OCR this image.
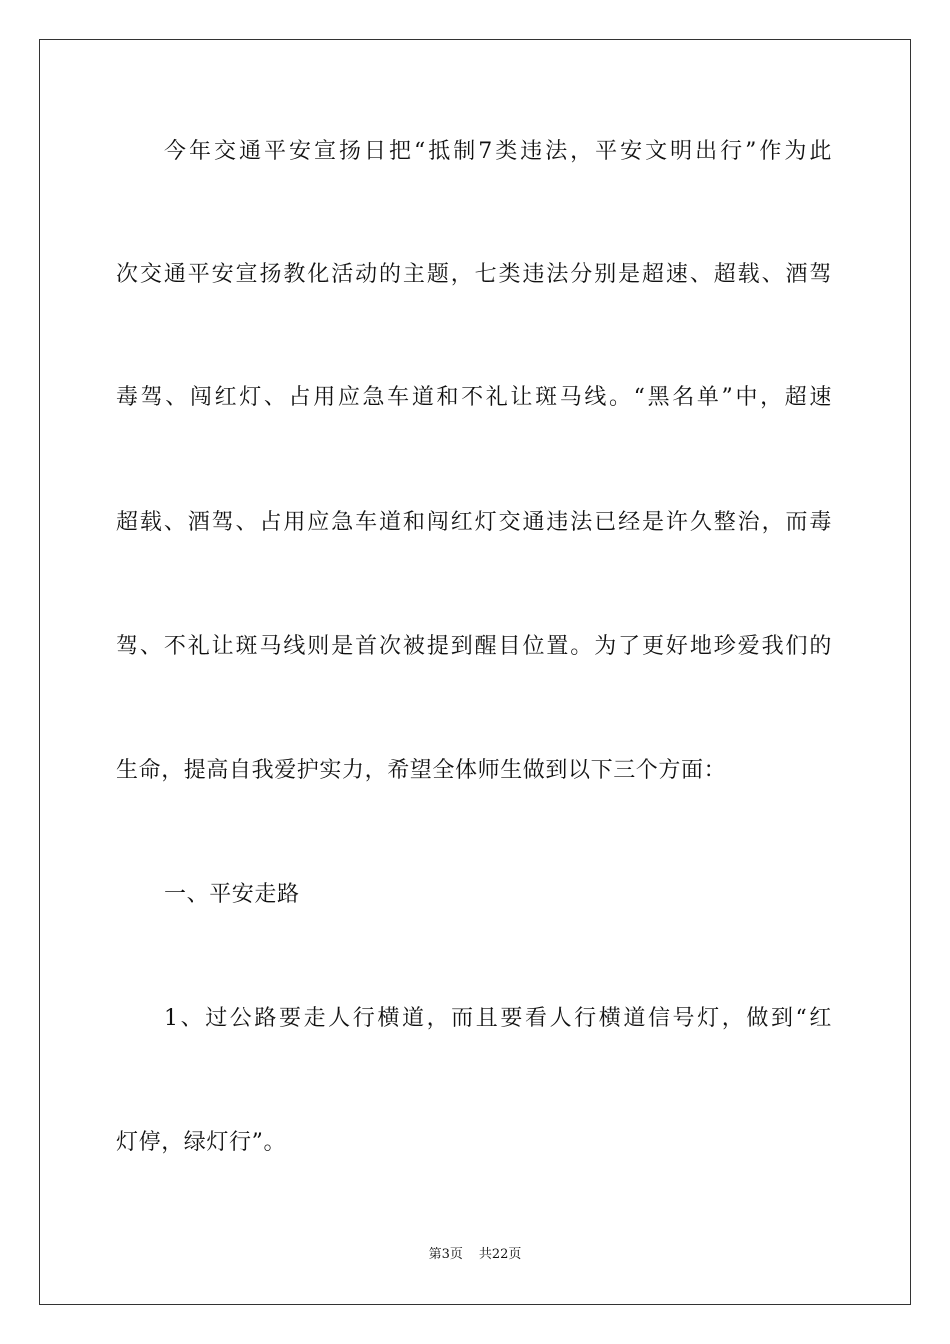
今年交通平安宣扬日把“抵制7类违法，平安文明出行”作为此
次交通平安宣扬教化活动的主题，七类违法分别是超速、超载、酒驾
毒驾、闯红灯、占用应急车道和不礼让斑马线。“黑名单”中，超速
超载、酒驾、占用应急车道和闯红灯交通违法已经是许久整治，而毒
驾、不礼让斑马线则是首次被提到醒目位置。为了更好地珍爱我们的
生命，提高自我爱护实力，希望全体师生做到以下三个方面：
一、平安走路
1、过公路要走人行横道，而且要看人行横道信号灯，做到“红
灯停，绿灯行”。
第3页 共22页
